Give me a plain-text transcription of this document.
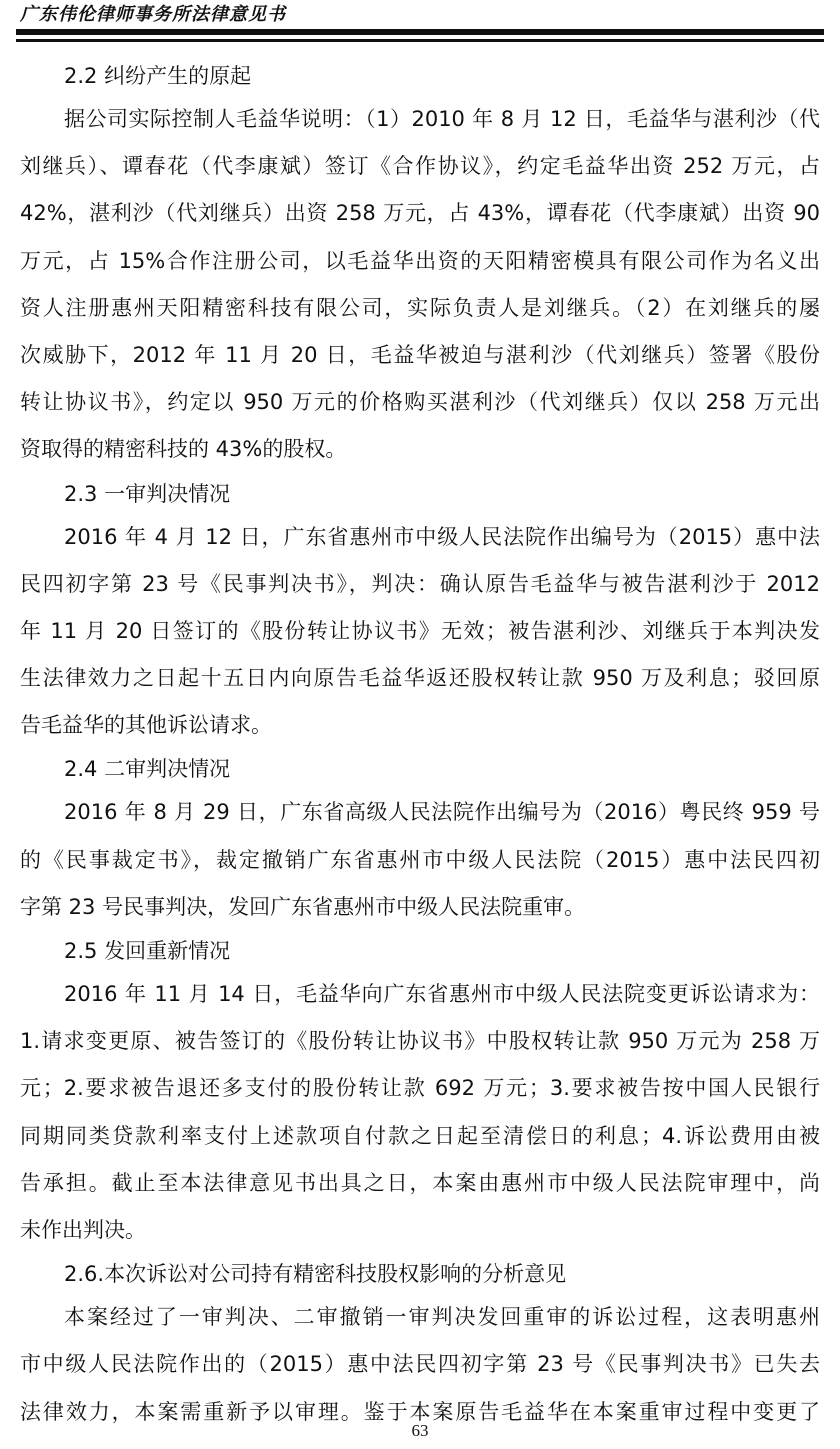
广东伟伦律师事务所法律意见书
2.2 纠纷产生的原起
据公司实际控制人毛益华说明：（1）2010 年 8 月 12 日，毛益华与湛利沙（代
刘继兵）、谭春花（代李康斌）签订《合作协议》，约定毛益华出资 252 万元，占
42%，湛利沙（代刘继兵）出资 258 万元，占 43%，谭春花（代李康斌）出资 90
万元，占 15%合作注册公司，以毛益华出资的天阳精密模具有限公司作为名义出
资人注册惠州天阳精密科技有限公司，实际负责人是刘继兵。（2）在刘继兵的屡
次威胁下，2012 年 11 月 20 日，毛益华被迫与湛利沙（代刘继兵）签署《股份
转让协议书》，约定以 950 万元的价格购买湛利沙（代刘继兵）仅以 258 万元出
资取得的精密科技的 43%的股权。
2.3 一审判决情况
2016 年 4 月 12 日，广东省惠州市中级人民法院作出编号为（2015）惠中法
民四初字第 23 号《民事判决书》，判决：确认原告毛益华与被告湛利沙于 2012
年 11 月 20 日签订的《股份转让协议书》无效；被告湛利沙、刘继兵于本判决发
生法律效力之日起十五日内向原告毛益华返还股权转让款 950 万及利息；驳回原
告毛益华的其他诉讼请求。
2.4 二审判决情况
2016 年 8 月 29 日，广东省高级人民法院作出编号为（2016）粤民终 959 号
的《民事裁定书》，裁定撤销广东省惠州市中级人民法院（2015）惠中法民四初
字第 23 号民事判决，发回广东省惠州市中级人民法院重审。
2.5 发回重新情况
2016 年 11 月 14 日，毛益华向广东省惠州市中级人民法院变更诉讼请求为：
1.请求变更原、被告签订的《股份转让协议书》中股权转让款 950 万元为 258 万
元；2.要求被告退还多支付的股份转让款 692 万元；3.要求被告按中国人民银行
同期同类贷款利率支付上述款项自付款之日起至清偿日的利息；4.诉讼费用由被
告承担。截止至本法律意见书出具之日，本案由惠州市中级人民法院审理中，尚
未作出判决。
2.6.本次诉讼对公司持有精密科技股权影响的分析意见
本案经过了一审判决、二审撤销一审判决发回重审的诉讼过程，这表明惠州
市中级人民法院作出的（2015）惠中法民四初字第 23 号《民事判决书》已失去
法律效力，本案需重新予以审理。鉴于本案原告毛益华在本案重审过程中变更了
63
